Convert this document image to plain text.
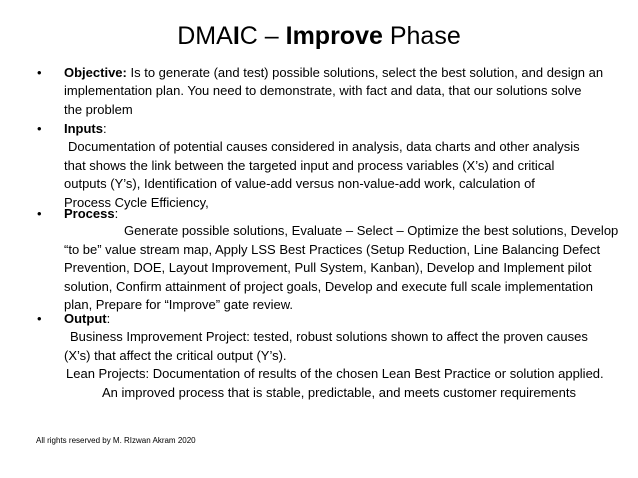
DMAIC – Improve Phase
• Objective: Is to generate (and test) possible solutions, select the best solution, and design an
implementation plan. You need to demonstrate, with fact and data, that our solutions solve
the problem
• Inputs:
Documentation of potential causes considered in analysis, data charts and other analysis
that shows the link between the targeted input and process variables (X’s) and critical
outputs (Y’s), Identification of value-add versus non-value-add work, calculation of
Process Cycle Efficiency,
• Process:
Generate possible solutions, Evaluate – Select – Optimize the best solutions, Develop
“to be” value stream map, Apply LSS Best Practices (Setup Reduction, Line Balancing Defect
Prevention, DOE, Layout Improvement, Pull System, Kanban), Develop and Implement pilot
solution, Confirm attainment of project goals, Develop and execute full scale implementation
plan, Prepare for “Improve” gate review.
• Output:
Business Improvement Project: tested, robust solutions shown to affect the proven causes
(X’s) that affect the critical output (Y’s).
Lean Projects: Documentation of results of the chosen Lean Best Practice or solution applied.
An improved process that is stable, predictable, and meets customer requirements
All rights reserved by M. RIzwan Akram 2020
